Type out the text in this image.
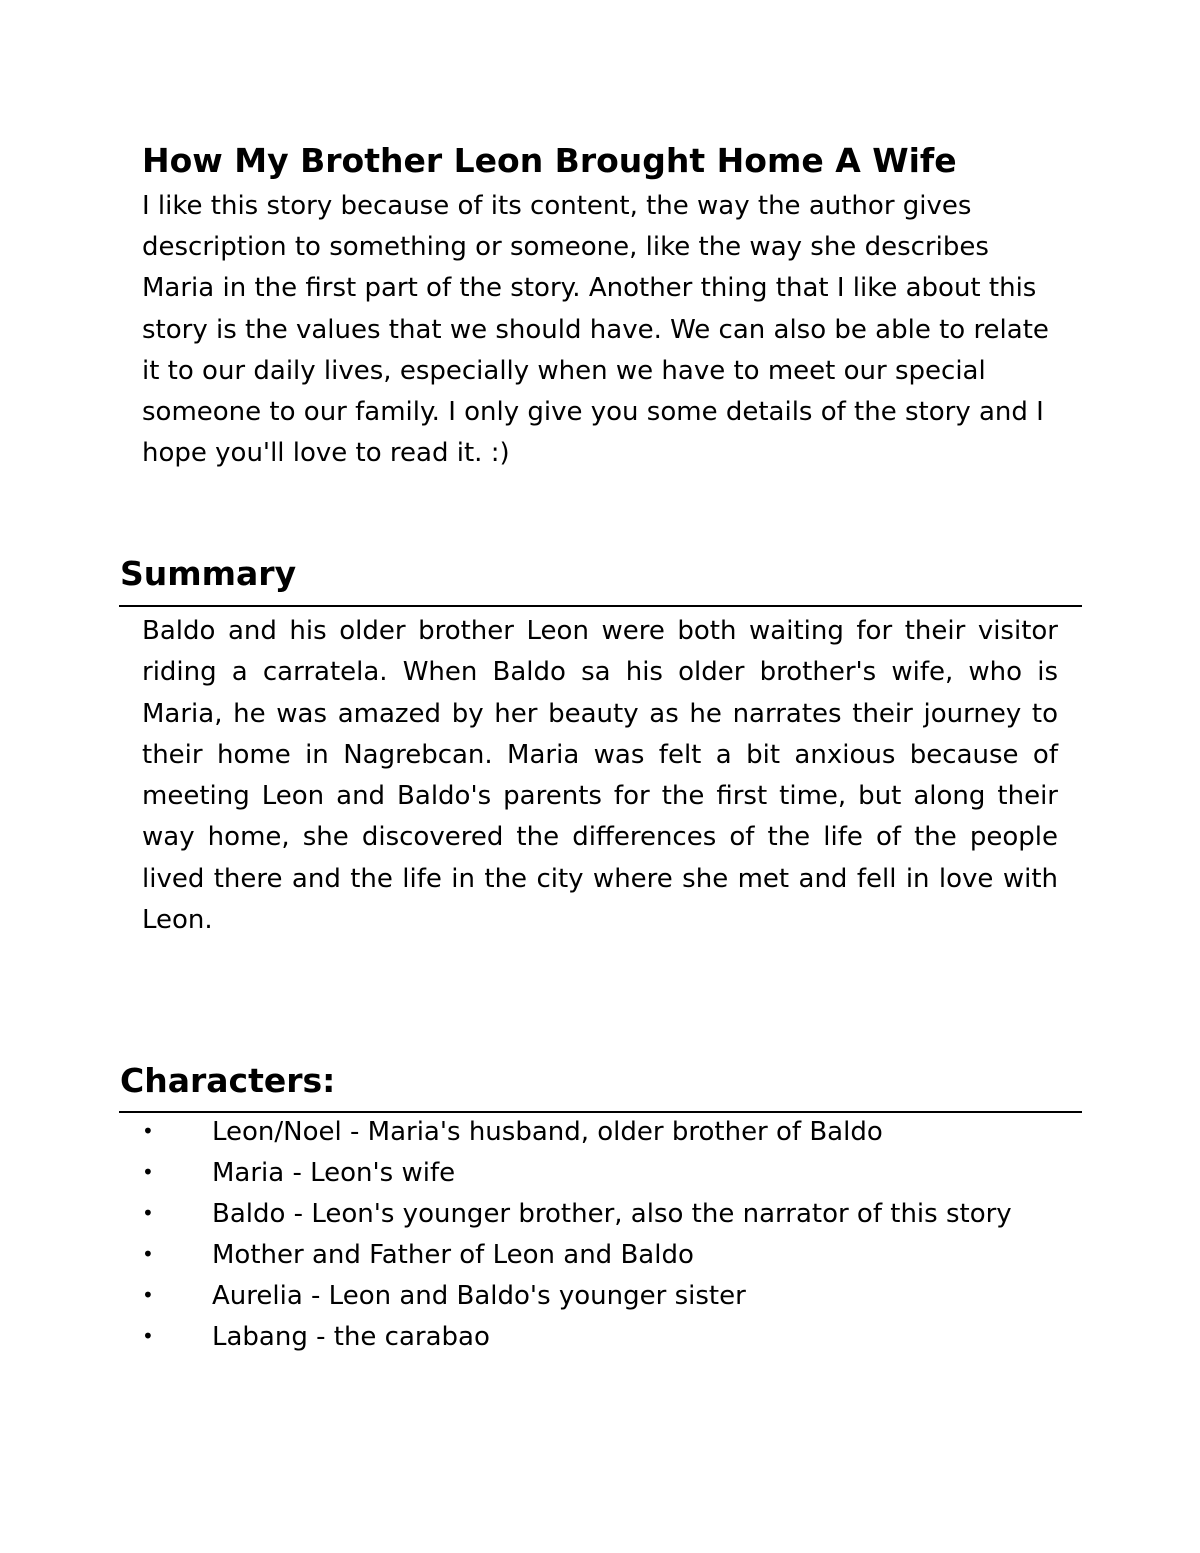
How My Brother Leon Brought Home A Wife

I like this story because of its content, the way the author gives description to something or someone, like the way she describes Maria in the first part of the story. Another thing that I like about this story is the values that we should have. We can also be able to relate it to our daily lives, especially when we have to meet our special someone to our family. I only give you some details of the story and I hope you'll love to read it. :)

Summary

Baldo and his older brother Leon were both waiting for their visitor riding a carratela. When Baldo sa his older brother's wife, who is Maria, he was amazed by her beauty as he narrates their journey to their home in Nagrebcan. Maria was felt a bit anxious because of meeting Leon and Baldo's parents for the first time, but along their way home, she discovered the differences of the life of the people lived there and the life in the city where she met and fell in love with Leon.

Characters:
• Leon/Noel - Maria's husband, older brother of Baldo
• Maria - Leon's wife
• Baldo - Leon's younger brother, also the narrator of this story
• Mother and Father of Leon and Baldo
• Aurelia - Leon and Baldo's younger sister
• Labang - the carabao
